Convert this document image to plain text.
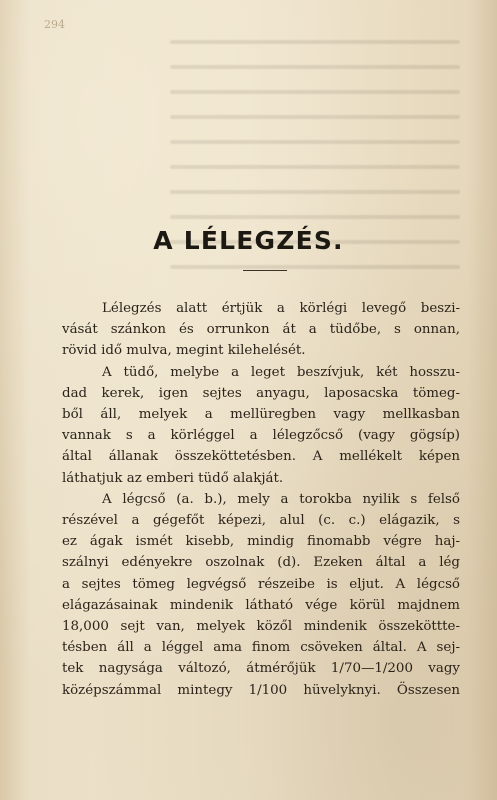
294
A LÉLEGZÉS.

Lélegzés alatt értjük a körlégi levegő beszi-
vását szánkon és orrunkon át a tüdőbe, s onnan,
rövid idő mulva, megint kilehelését.

A tüdő, melybe a leget beszívjuk, két hosszu-
dad kerek, igen sejtes anyagu, laposacska tömeg-
ből áll, melyek a mellüregben vagy mellkasban
vannak s a körléggel a lélegzőcső (vagy gögsíp)
által állanak összeköttetésben. A mellékelt képen
láthatjuk az emberi tüdő alakját.

A légcső (a. b.), mely a torokba nyilik s felső
részével a gégefőt képezi, alul (c. c.) elágazik, s
ez ágak ismét kisebb, mindig finomabb végre haj-
szálnyi edényekre oszolnak (d). Ezeken által a lég
a sejtes tömeg legvégső részeibe is eljut. A légcső
elágazásainak mindenik látható vége körül majdnem
18,000 sejt van, melyek közől mindenik összeköttte-
tésben áll a léggel ama finom csöveken által. A sej-
tek nagysága változó, átmérőjük 1/70—1/200 vagy
középszámmal mintegy 1/100 hüvelyknyi. Összesen
